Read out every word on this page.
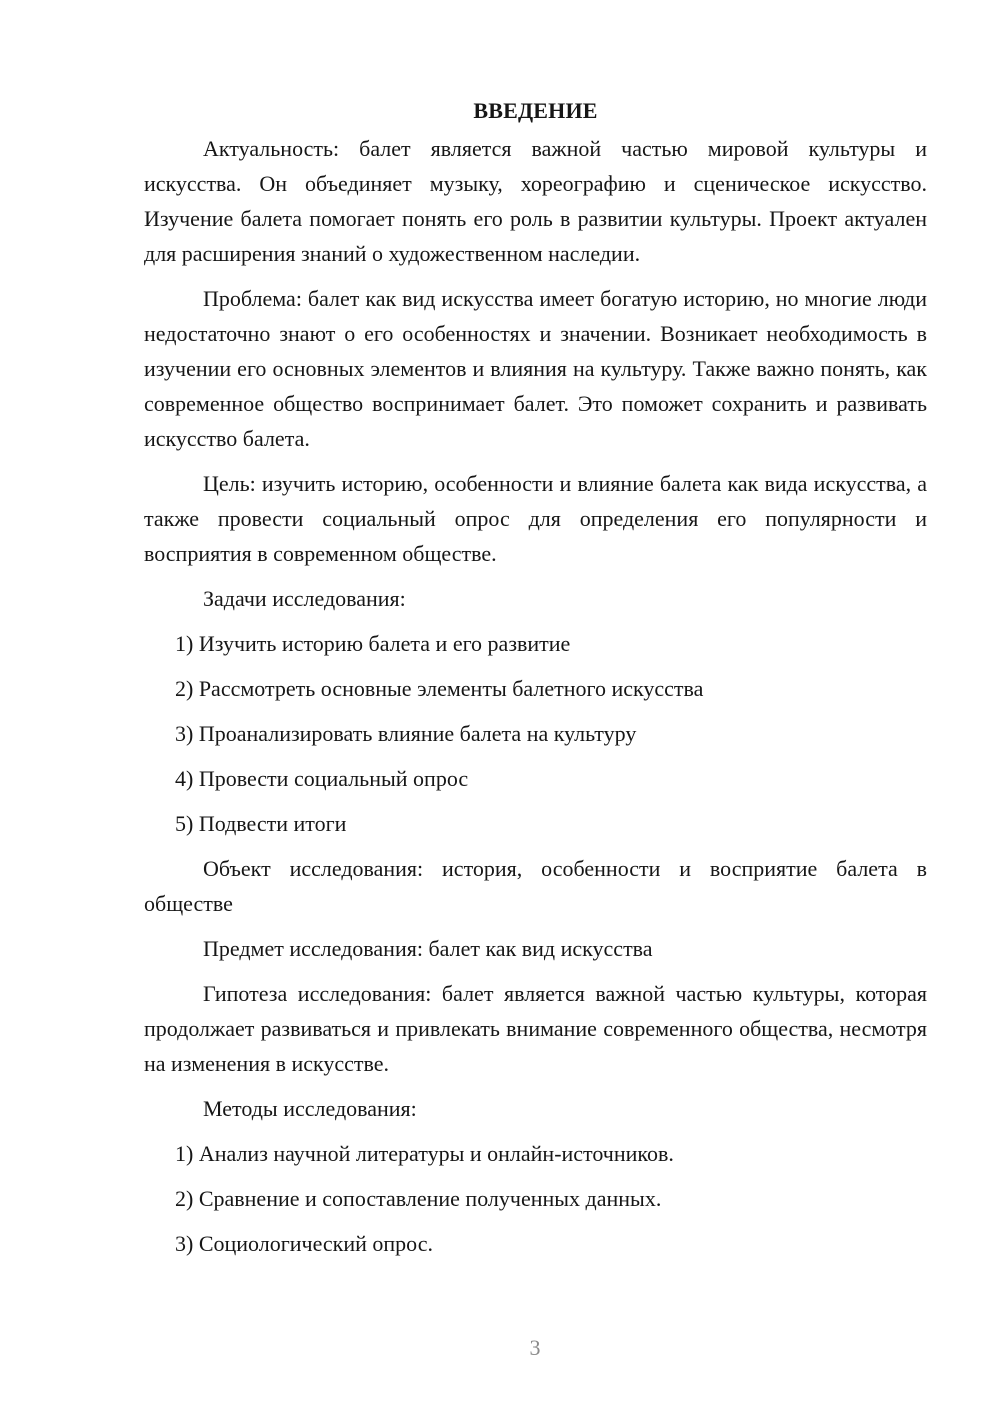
ВВЕДЕНИЕ

Актуальность: балет является важной частью мировой культуры и искусства. Он объединяет музыку, хореографию и сценическое искусство. Изучение балета помогает понять его роль в развитии культуры. Проект актуален для расширения знаний о художественном наследии.

Проблема: балет как вид искусства имеет богатую историю, но многие люди недостаточно знают о его особенностях и значении. Возникает необходимость в изучении его основных элементов и влияния на культуру. Также важно понять, как современное общество воспринимает балет. Это поможет сохранить и развивать искусство балета.

Цель: изучить историю, особенности и влияние балета как вида искусства, а также провести социальный опрос для определения его популярности и восприятия в современном обществе.

Задачи исследования:

1) Изучить историю балета и его развитие

2) Рассмотреть основные элементы балетного искусства

3) Проанализировать влияние балета на культуру

4) Провести социальный опрос

5) Подвести итоги

Объект исследования: история, особенности и восприятие балета в обществе

Предмет исследования: балет как вид искусства

Гипотеза исследования: балет является важной частью культуры, которая продолжает развиваться и привлекать внимание современного общества, несмотря на изменения в искусстве.

Методы исследования:

1) Анализ научной литературы и онлайн-источников.

2) Сравнение и сопоставление полученных данных.

3) Социологический опрос.

3
